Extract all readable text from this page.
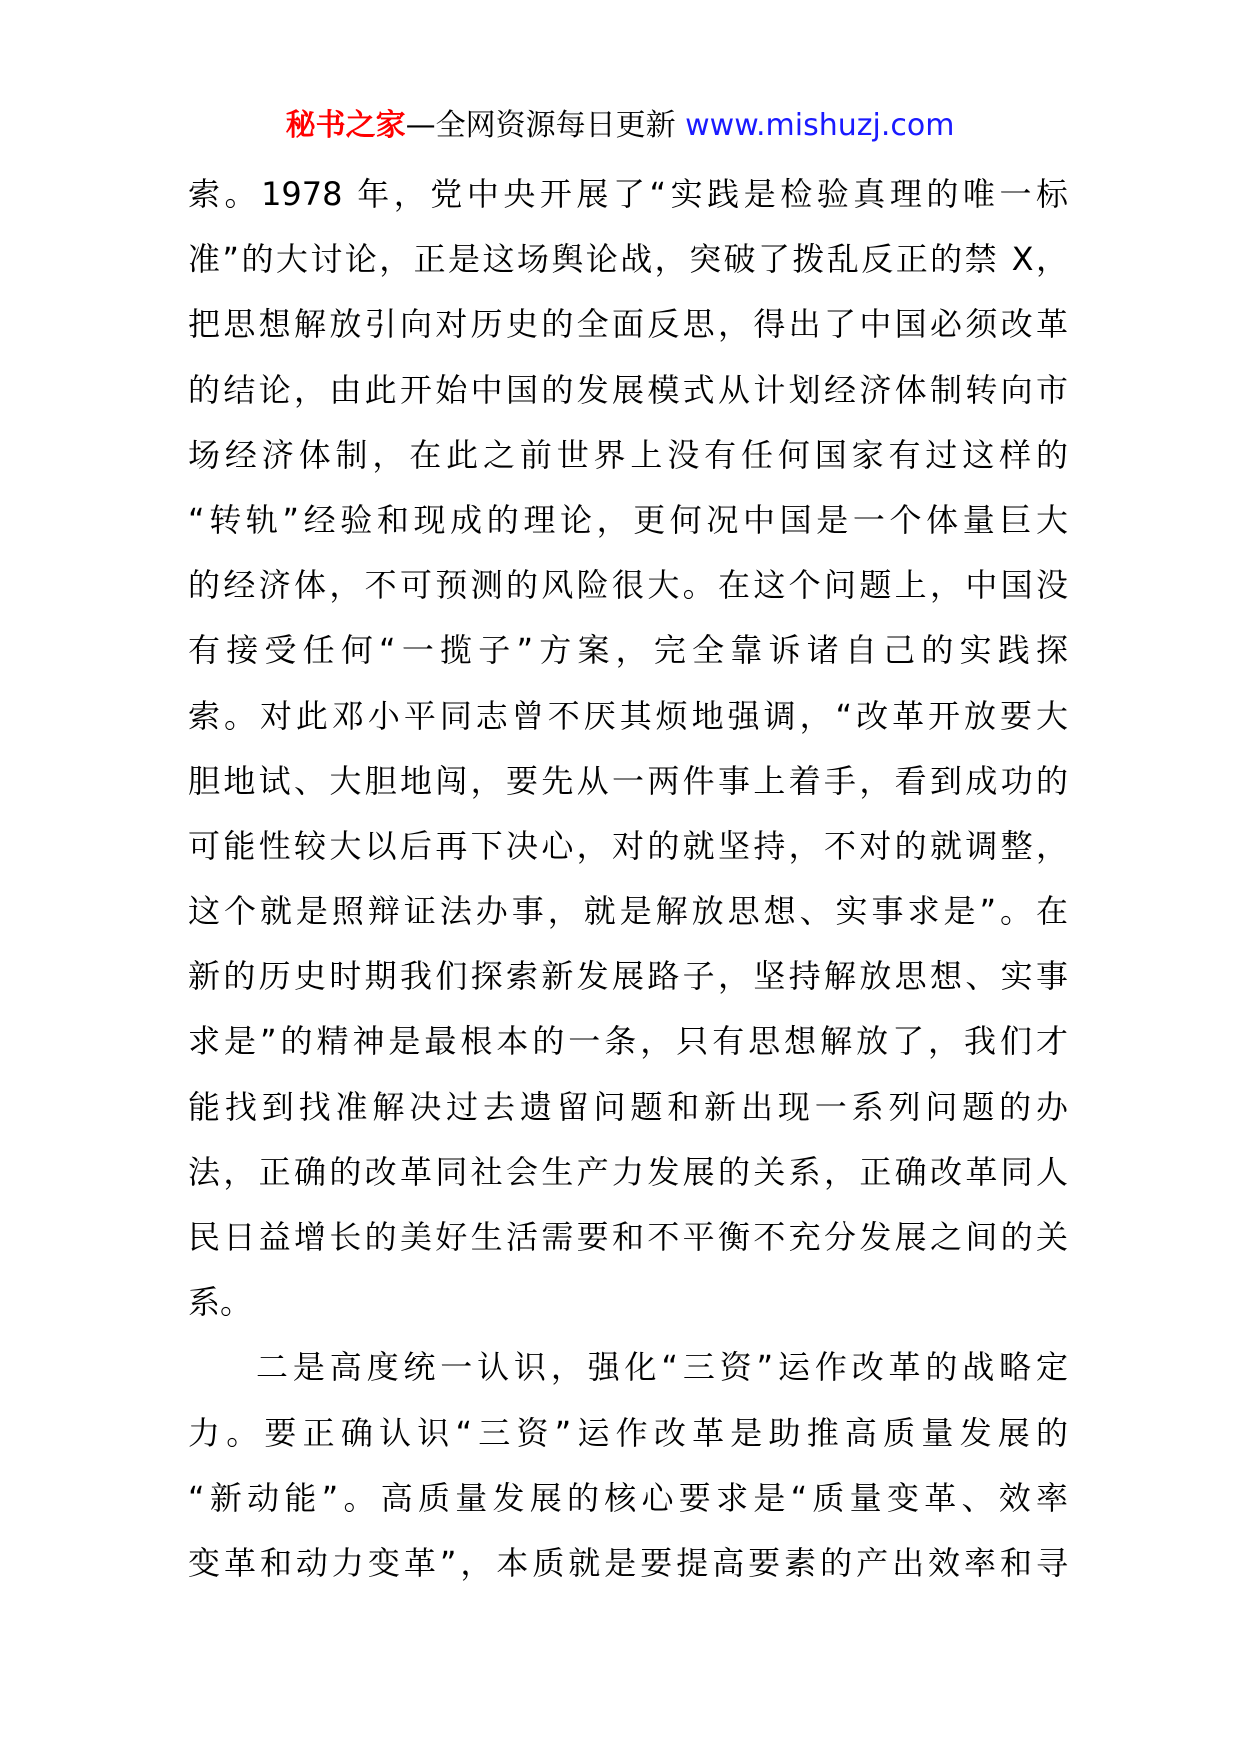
秘书之家—全网资源每日更新 www.mishuzj.com
索。1978 年，党中央开展了“实践是检验真理的唯一标
准”的大讨论，正是这场舆论战，突破了拨乱反正的禁 X，
把思想解放引向对历史的全面反思，得出了中国必须改革
的结论，由此开始中国的发展模式从计划经济体制转向市
场经济体制，在此之前世界上没有任何国家有过这样的
“转轨”经验和现成的理论，更何况中国是一个体量巨大
的经济体，不可预测的风险很大。在这个问题上，中国没
有接受任何“一揽子”方案，完全靠诉诸自己的实践探
索。对此邓小平同志曾不厌其烦地强调，“改革开放要大
胆地试、大胆地闯，要先从一两件事上着手，看到成功的
可能性较大以后再下决心，对的就坚持，不对的就调整，
这个就是照辩证法办事，就是解放思想、实事求是”。在
新的历史时期我们探索新发展路子，坚持解放思想、实事
求是”的精神是最根本的一条，只有思想解放了，我们才
能找到找准解决过去遗留问题和新出现一系列问题的办
法，正确的改革同社会生产力发展的关系，正确改革同人
民日益增长的美好生活需要和不平衡不充分发展之间的关
系。
二是高度统一认识，强化“三资”运作改革的战略定
力。要正确认识“三资”运作改革是助推高质量发展的
“新动能”。高质量发展的核心要求是“质量变革、效率
变革和动力变革”，本质就是要提高要素的产出效率和寻
